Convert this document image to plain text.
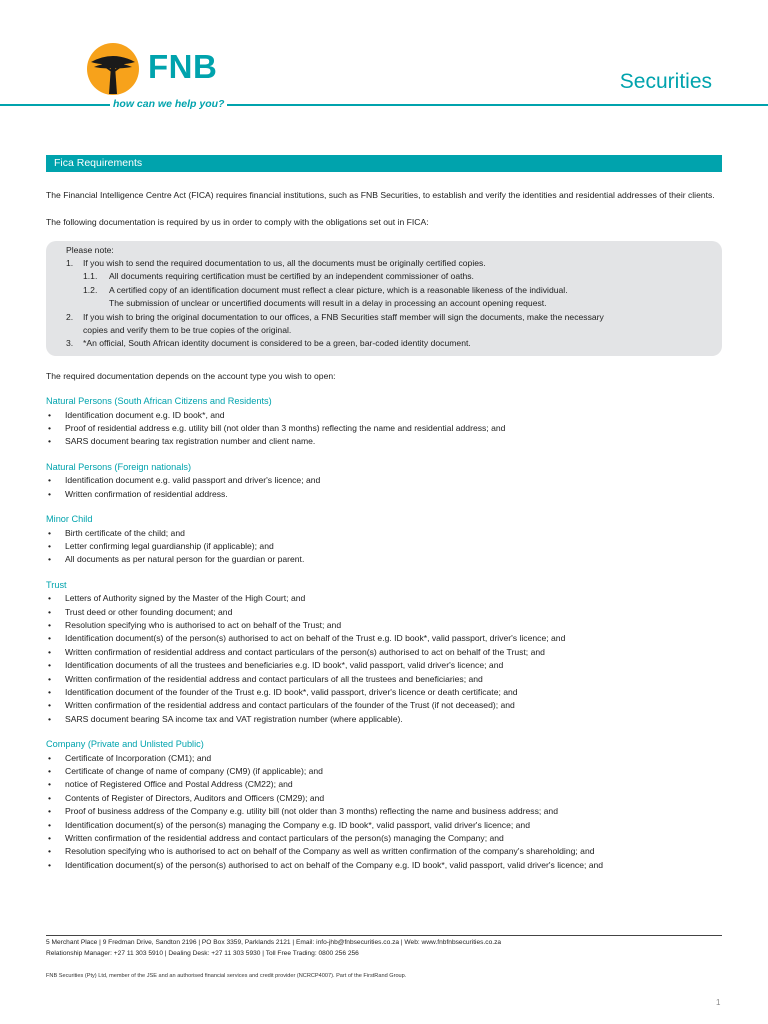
FNB
how can we help you?
Securities
Fica Requirements

The Financial Intelligence Centre Act (FICA) requires financial institutions, such as FNB Securities, to establish and verify the identities and residential addresses of their clients.

The following documentation is required by us in order to comply with the obligations set out in FICA:

Please note:

1.	If you wish to send the required documentation to us, all the documents must be originally certified copies.
1.1.	All documents requiring certification must be certified by an independent commissioner of oaths.
1.2.	A certified copy of an identification document must reflect a clear picture, which is a reasonable likeness of the individual.
The submission of unclear or uncertified documents will result in a delay in processing an account opening request.
2.	If you wish to bring the original documentation to our offices, a FNB Securities staff member will sign the documents, make the necessary
copies and verify them to be true copies of the original.
3.	*An official, South African identity document is considered to be a green, bar-coded identity document.

The required documentation depends on the account type you wish to open:

Natural Persons (South African Citizens and Residents)

• Identification document e.g. ID book*, and
• Proof of residential address e.g. utility bill (not older than 3 months) reflecting the name and residential address; and
• SARS document bearing tax registration number and client name.

Natural Persons (Foreign nationals)

• Identification document e.g. valid passport and driver's licence; and
• Written confirmation of residential address.

Minor Child

• Birth certificate of the child; and
• Letter confirming legal guardianship (if applicable); and
• All documents as per natural person for the guardian or parent.

Trust

• Letters of Authority signed by the Master of the High Court; and
• Trust deed or other founding document; and
• Resolution specifying who is authorised to act on behalf of the Trust; and
• Identification document(s) of the person(s) authorised to act on behalf of the Trust e.g. ID book*, valid passport, driver's licence; and
• Written confirmation of residential address and contact particulars of the person(s) authorised to act on behalf of the Trust; and
• Identification documents of all the trustees and beneficiaries e.g. ID book*, valid passport, valid driver's licence; and
• Written confirmation of the residential address and contact particulars of all the trustees and beneficiaries; and
• Identification document of the founder of the Trust e.g. ID book*, valid passport, driver's licence or death certificate; and
• Written confirmation of the residential address and contact particulars of the founder of the Trust (if not deceased); and
• SARS document bearing SA income tax and VAT registration number (where applicable).

Company (Private and Unlisted Public)

• Certificate of Incorporation (CM1); and
• Certificate of change of name of company (CM9) (if applicable); and
• notice of Registered Office and Postal Address (CM22); and
• Contents of Register of Directors, Auditors and Officers (CM29); and
• Proof of business address of the Company e.g. utility bill (not older than 3 months) reflecting the name and business address; and
• Identification document(s) of the person(s) managing the Company e.g. ID book*, valid passport, valid driver's licence; and
• Written confirmation of the residential address and contact particulars of the person(s) managing the Company; and
• Resolution specifying who is authorised to act on behalf of the Company as well as written confirmation of the company's shareholding; and
• Identification document(s) of the person(s) authorised to act on behalf of the Company e.g. ID book*, valid passport, valid driver's licence; and
5 Merchant Place | 9 Fredman Drive, Sandton 2196 | PO Box 3359, Parklands 2121 | Email: info-jhb@fnbsecurities.co.za | Web: www.fnbfnbsecurities.co.za
Relationship Manager: +27 11 303 5910 | Dealing Desk: +27 11 303 5930 | Toll Free Trading: 0800 256 256
FNB Securities (Pty) Ltd, member of the JSE and an authorised financial services and credit provider (NCRCP4007). Part of the FirstRand Group.
1
